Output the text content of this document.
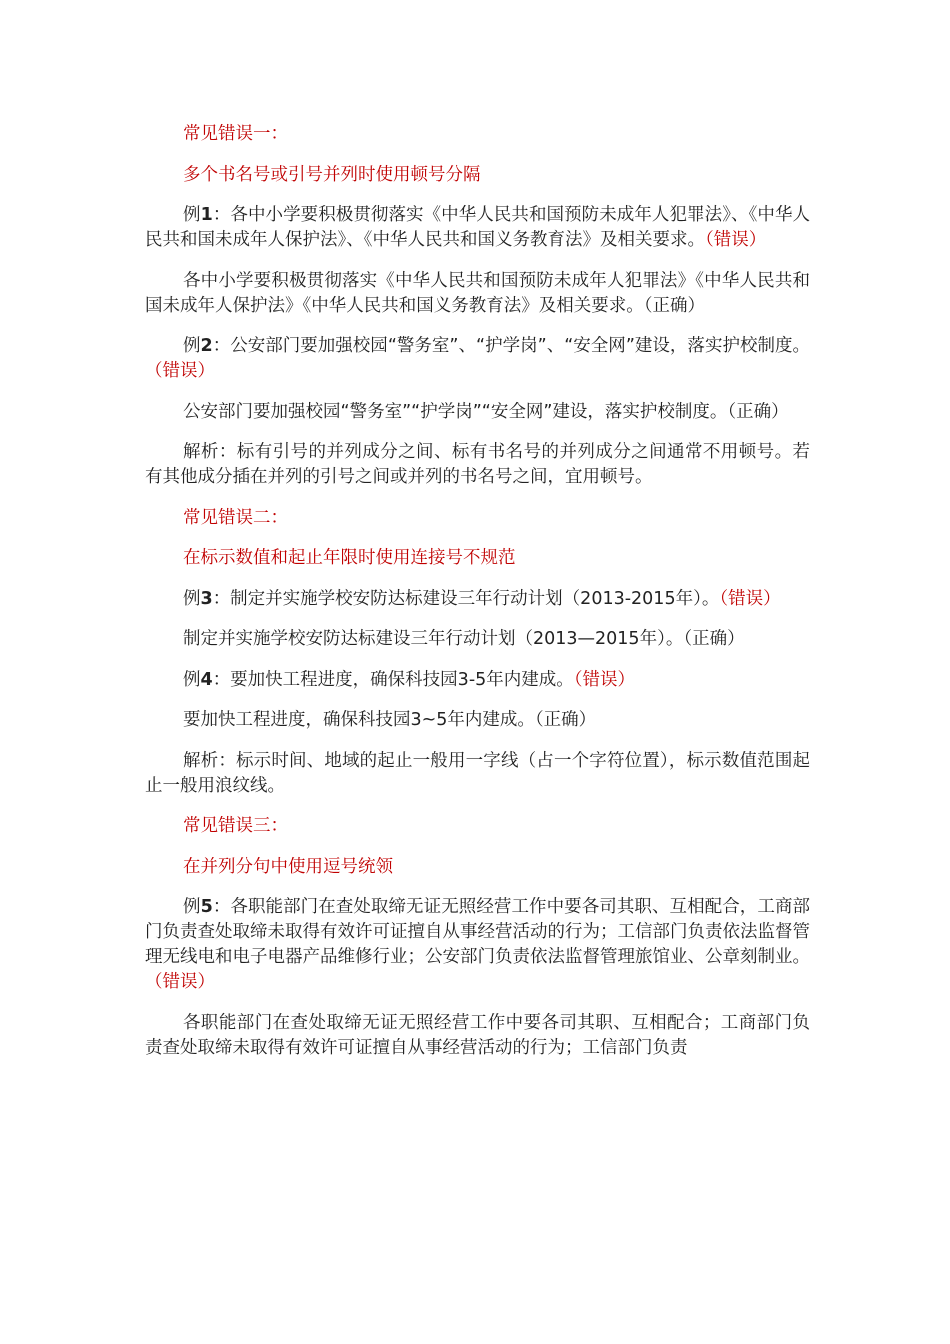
常见错误一：

多个书名号或引号并列时使用顿号分隔

例1：各中小学要积极贯彻落实《中华人民共和国预防未成年人犯罪法》、《中华人民共和国未成年人保护法》、《中华人民共和国义务教育法》及相关要求。（错误）

各中小学要积极贯彻落实《中华人民共和国预防未成年人犯罪法》《中华人民共和国未成年人保护法》《中华人民共和国义务教育法》及相关要求。（正确）

例2：公安部门要加强校园“警务室”、“护学岗”、“安全网”建设，落实护校制度。（错误）

公安部门要加强校园“警务室”“护学岗”“安全网”建设，落实护校制度。（正确）

解析：标有引号的并列成分之间、标有书名号的并列成分之间通常不用顿号。若有其他成分插在并列的引号之间或并列的书名号之间，宜用顿号。

常见错误二：

在标示数值和起止年限时使用连接号不规范

例3：制定并实施学校安防达标建设三年行动计划（2013-2015年）。（错误）

制定并实施学校安防达标建设三年行动计划（2013—2015年）。（正确）

例4：要加快工程进度，确保科技园3-5年内建成。（错误）

要加快工程进度，确保科技园3~5年内建成。（正确）

解析：标示时间、地域的起止一般用一字线（占一个字符位置），标示数值范围起止一般用浪纹线。

常见错误三：

在并列分句中使用逗号统领

例5：各职能部门在查处取缔无证无照经营工作中要各司其职、互相配合，工商部门负责查处取缔未取得有效许可证擅自从事经营活动的行为；工信部门负责依法监督管理无线电和电子电器产品维修行业；公安部门负责依法监督管理旅馆业、公章刻制业。（错误）

各职能部门在查处取缔无证无照经营工作中要各司其职、互相配合；工商部门负责查处取缔未取得有效许可证擅自从事经营活动的行为；工信部门负责
